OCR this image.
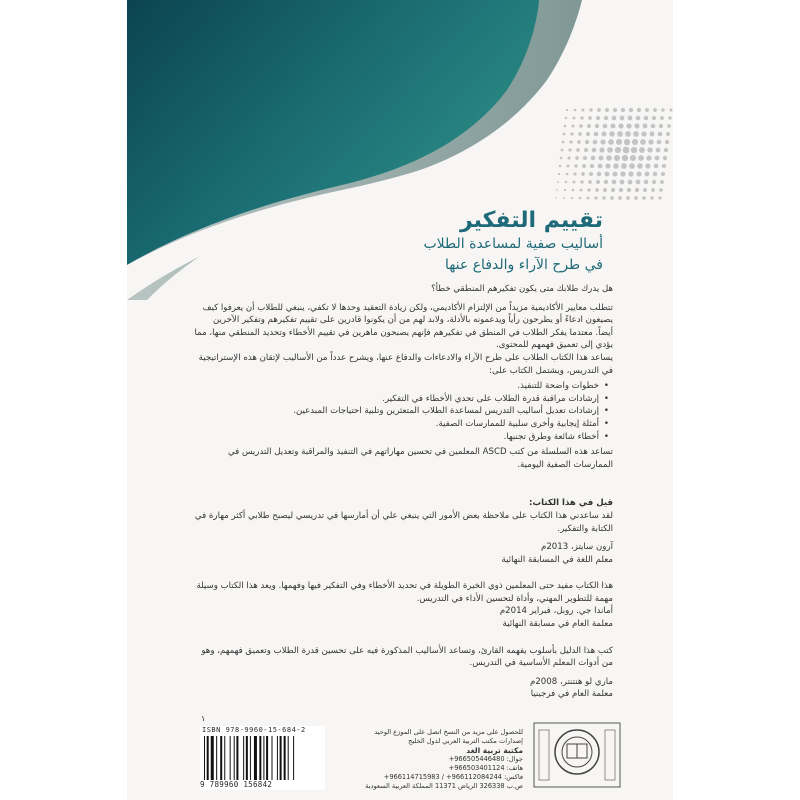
تقييم التفكير
أساليب صفية لمساعدة الطلاب
في طرح الآراء والدفاع عنها

هل يدرك طلابك متى يكون تفكيرهم المنطقي خطأ؟

تتطلب معايير الأكاديمية مزيداً من الإلتزام الأكاديمي، ولكن زيادة التعقيد وحدها لا تكفي، ينبغي للطلاب أن يعرفوا كيف يصيغون ادعاءً أو يطرحون رأياً ويدعمونه بالأدلة، ولابد لهم من أن يكونوا قادرين على تقييم تفكيرهم وتفكير الآخرين أيضاً. معتدما يفكر الطلاب في المنطق في تفكيرهم فإنهم يصبحون ماهرين في تقييم الأخطاء وتحديد المنطقي منها، مما يؤدي إلى تعميق فهمهم للمحتوى.

يساعد هذا الكتاب الطلاب على طرح الآراء والادعاءات والدفاع عنها، ويشرح عدداً من الأساليب لإتقان هذه الإستراتيجية في التدريس، ويشتمل الكتاب على:

• خطوات واضحة للتنفيذ.
• إرشادات مراقبة قدرة الطلاب على تحدي الأخطاء في التفكير.
• إرشادات تعديل أساليب التدريس لمساعدة الطلاب المتعثرين وتلبية احتياجات المبدعين.
• أمثلة إيجابية وأخرى سلبية للممارسات الصفية.
• أخطاء شائعة وطرق تجنبها.

تساعد هذه السلسلة من كتب ASCD المعلمين في تحسين مهاراتهم في التنفيذ والمراقبة وتعديل التدريس في الممارسات الصفية اليومية.

قيل في هذا الكتاب:

لقد ساعدني هذا الكتاب على ملاحظة بعض الأمور التي ينبغي علي أن أمارسها في تدريسي ليصبح طلابي أكثر مهارة في الكتابة والتفكير.

آرون سايتز، 2013م

معلم اللغة في المسابقة النهائية

هذا الكتاب مفيد حتى المعلمين ذوي الخبرة الطويلة في تحديد الأخطاء وفي التفكير فيها وفهمها. ويعد هذا الكتاب وسيلة مهمة للتطوير المهني، وأداة لتحسين الأداء في التدريس.

أماندا جي. روبل، فبراير 2014م

معلمة العام في مسابقة النهائية

كتب هذا الدليل بأسلوب يفهمه القارئ، وتساعد الأساليب المذكورة فيه على تحسين قدرة الطلاب وتعميق فهمهم، وهو من أدوات المعلم الأساسية في التدريس.

ماري لو هنتنتر، 2008م

معلمة العام في فرجينيا

١
ISBN 978-9960-15-684-2
9 789960 156842
للحصول على مزيد من النسخ اتصل على الموزع الوحيد
إصدارات مكتب التربية العربي لدول الخليج
مكتبة تربية الغد
جوال: 966505446480+
هاتف: 966503401124+
فاكس: 966112084244+ / 966114715983+
ص.ب 326338 الرياض 11371 المملكة العربية السعودية
